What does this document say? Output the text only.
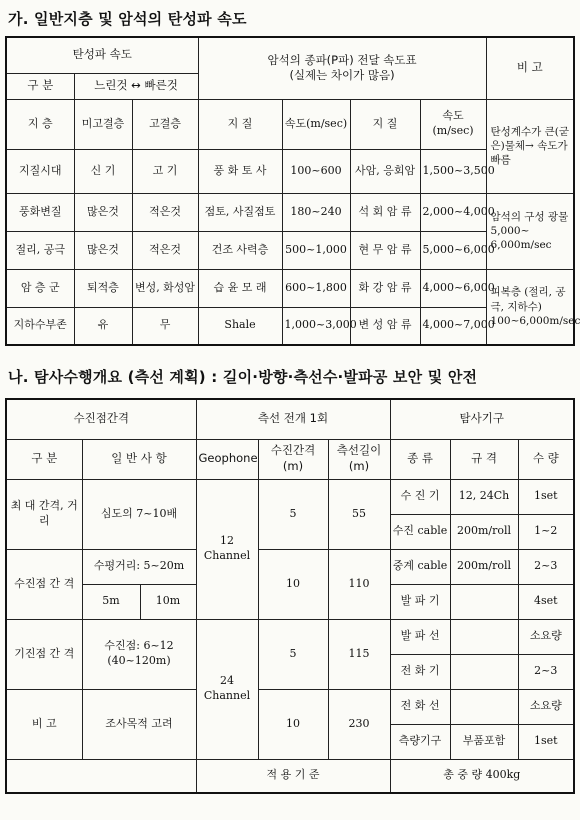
가. 일반지층 및 암석의 탄성파 속도
탄성파 속도			암석의 종파(P파) 전달 속도표
(실제는 차이가 많음)				비 고
구 분	느린것 ↔ 빠른것						
지 층	미고결층	고결층	지 질	속도(m/sec)	지 질	속도(m/sec)	탄성계수가 큰(굳은)물체→ 속도가 빠름
지질시대	신 기	고 기	풍 화 토 사	100~600	사암, 응회암	1,500~3,500	
풍화변질	많은것	적은것	점토, 사질점토	180~240	석 회 암 류	2,000~4,000	암석의 구성 광물 5,000~ 6,000m/sec
절리, 공극	많은것	적은것	건조 사력층	500~1,000	현 무 암 류	5,000~6,000	
암 층 군	퇴적층	변성, 화성암	습 윤 모 래	600~1,800	화 강 암 류	4,000~6,000	피복층 (절리, 공극, 지하수) 100~6,000m/sec
지하수부존	유	무	Shale	1,000~3,000	변 성 암 류	4,000~7,000	
나. 탐사수행개요 (측선 계획) : 길이·방향·측선수·발파공 보안 및 안전
수진점간격			측선 전개 1회			탐사기구		
구 분	일 반 사 항		Geophone	수진간격 (m)	측선길이 (m)	종 류	규 격	수 량
최 대 간격, 거리	심도의 7~10배		12 Channel	5	55	수 진 기	12, 24Ch	1set
						수진 cable	200m/roll	1~2
수진점 간 격	수평거리: 5~20m			10	110	중계 cable	200m/roll	2~3
	5m	10m				발 파 기		4set
기진점 간 격	수진점: 6~12 (40~120m)		24 Channel	5	115	발 파 선		소요량
						전 화 기		2~3
비 고	조사목적 고려			10	230	전 화 선		소요량
						측량기구	부품포함	1set
			적 용 기 준			총 중 량 400kg		
